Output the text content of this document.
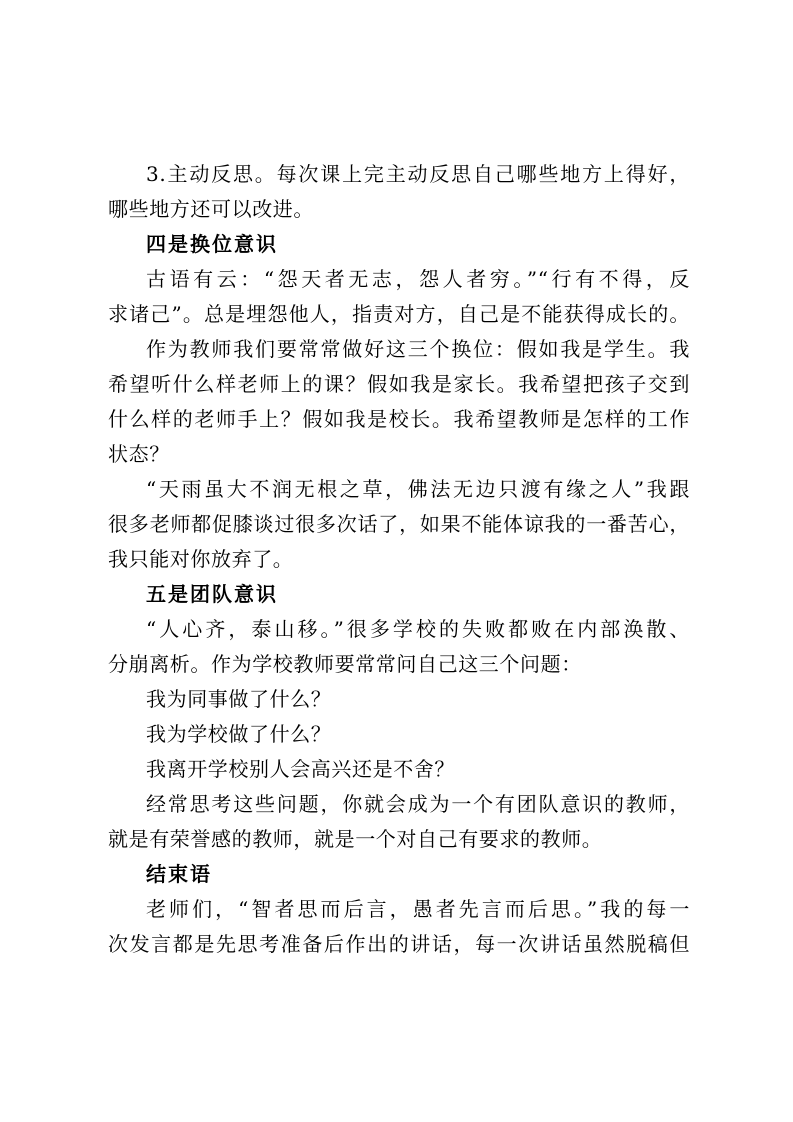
3.主动反思。每次课上完主动反思自己哪些地方上得好，

哪些地方还可以改进。

四是换位意识

古语有云：“怨天者无志，怨人者穷。”“行有不得，反

求诸己”。总是埋怨他人，指责对方，自己是不能获得成长的。

作为教师我们要常常做好这三个换位：假如我是学生。我

希望听什么样老师上的课？假如我是家长。我希望把孩子交到

什么样的老师手上？假如我是校长。我希望教师是怎样的工作

状态？

“天雨虽大不润无根之草，佛法无边只渡有缘之人”我跟

很多老师都促膝谈过很多次话了，如果不能体谅我的一番苦心，

我只能对你放弃了。

五是团队意识

“人心齐，泰山移。”很多学校的失败都败在内部涣散、

分崩离析。作为学校教师要常常问自己这三个问题：

我为同事做了什么？

我为学校做了什么？

我离开学校别人会高兴还是不舍？

经常思考这些问题，你就会成为一个有团队意识的教师，

就是有荣誉感的教师，就是一个对自己有要求的教师。

结束语

老师们，“智者思而后言，愚者先言而后思。”我的每一

次发言都是先思考准备后作出的讲话，每一次讲话虽然脱稿但
